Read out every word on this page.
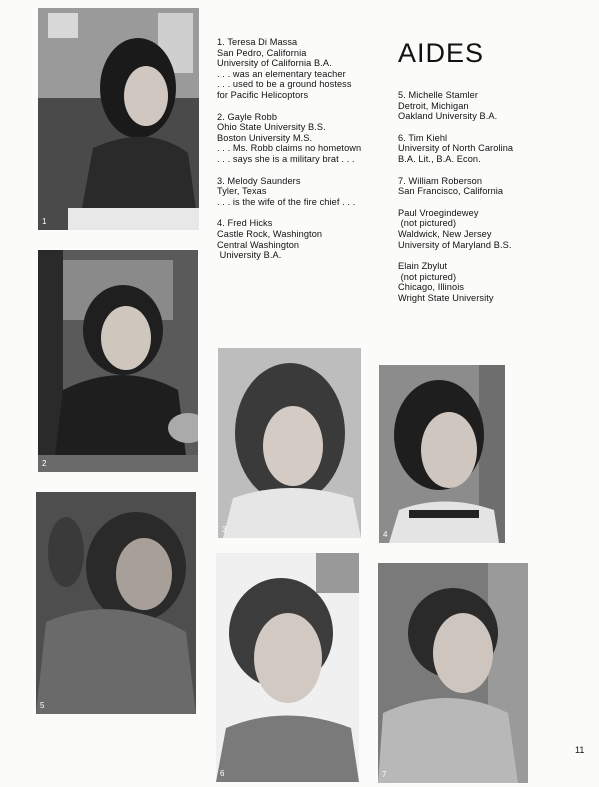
1
2
3
4
5
6	7
1. Teresa Di Massa
San Pedro, California
University of California B.A.
. . . was an elementary teacher
. . . used to be a ground hostess
for Pacific Helicoptors
2. Gayle Robb
Ohio State University B.S.
Boston University M.S.
. . . Ms. Robb claims no hometown
. . . says she is a military brat . . .
3. Melody Saunders
Tyler, Texas
. . . is the wife of the fire chief . . .
4. Fred Hicks
Castle Rock, Washington
Central Washington
University B.A.
AIDES
5. Michelle Stamler
Detroit, Michigan
Oakland University B.A.
6. Tim Kiehl
University of North Carolina
B.A. Lit., B.A. Econ.
7. William Roberson
San Francisco, California
Paul Vroegindewey
(not pictured)
Waldwick, New Jersey
University of Maryland B.S.
Elain Zbylut
(not pictured)
Chicago, Illinois
Wright State University
11
